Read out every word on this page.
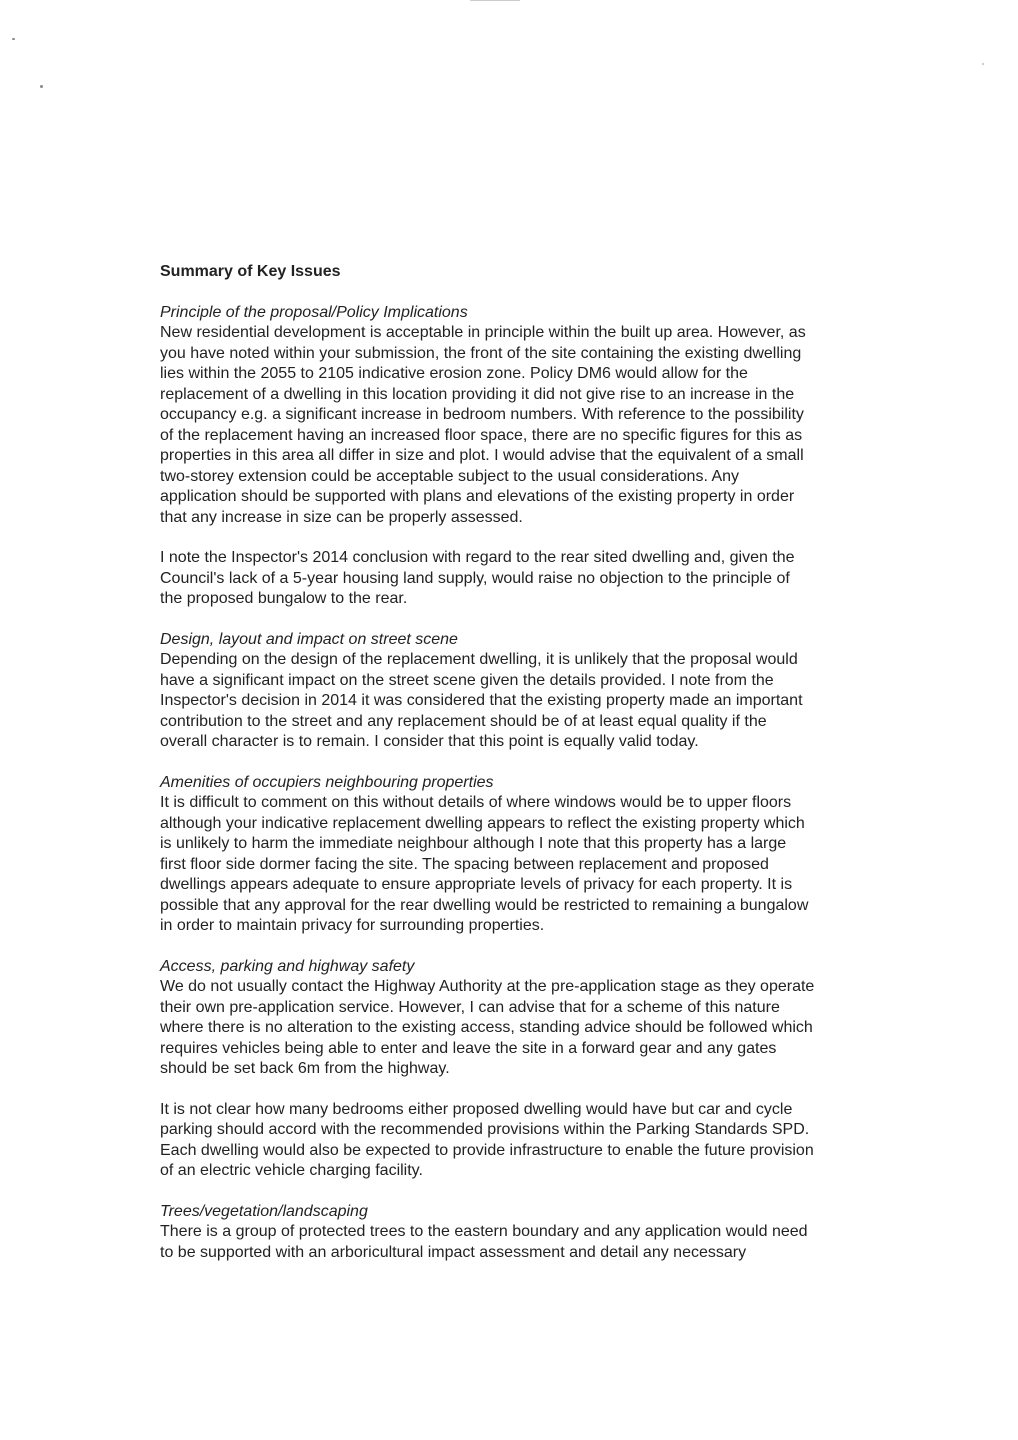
Summary of Key Issues
Principle of the proposal/Policy Implications
New residential development is acceptable in principle within the built up area. However, as
you have noted within your submission, the front of the site containing the existing dwelling
lies within the 2055 to 2105 indicative erosion zone. Policy DM6 would allow for the
replacement of a dwelling in this location providing it did not give rise to an increase in the
occupancy e.g. a significant increase in bedroom numbers. With reference to the possibility
of the replacement having an increased floor space, there are no specific figures for this as
properties in this area all differ in size and plot. I would advise that the equivalent of a small
two-storey extension could be acceptable subject to the usual considerations. Any
application should be supported with plans and elevations of the existing property in order
that any increase in size can be properly assessed.
I note the Inspector's 2014 conclusion with regard to the rear sited dwelling and, given the
Council's lack of a 5-year housing land supply, would raise no objection to the principle of
the proposed bungalow to the rear.
Design, layout and impact on street scene
Depending on the design of the replacement dwelling, it is unlikely that the proposal would
have a significant impact on the street scene given the details provided. I note from the
Inspector's decision in 2014 it was considered that the existing property made an important
contribution to the street and any replacement should be of at least equal quality if the
overall character is to remain. I consider that this point is equally valid today.
Amenities of occupiers neighbouring properties
It is difficult to comment on this without details of where windows would be to upper floors
although your indicative replacement dwelling appears to reflect the existing property which
is unlikely to harm the immediate neighbour although I note that this property has a large
first floor side dormer facing the site. The spacing between replacement and proposed
dwellings appears adequate to ensure appropriate levels of privacy for each property. It is
possible that any approval for the rear dwelling would be restricted to remaining a bungalow
in order to maintain privacy for surrounding properties.
Access, parking and highway safety
We do not usually contact the Highway Authority at the pre-application stage as they operate
their own pre-application service. However, I can advise that for a scheme of this nature
where there is no alteration to the existing access, standing advice should be followed which
requires vehicles being able to enter and leave the site in a forward gear and any gates
should be set back 6m from the highway.
It is not clear how many bedrooms either proposed dwelling would have but car and cycle
parking should accord with the recommended provisions within the Parking Standards SPD.
Each dwelling would also be expected to provide infrastructure to enable the future provision
of an electric vehicle charging facility.
Trees/vegetation/landscaping
There is a group of protected trees to the eastern boundary and any application would need
to be supported with an arboricultural impact assessment and detail any necessary
